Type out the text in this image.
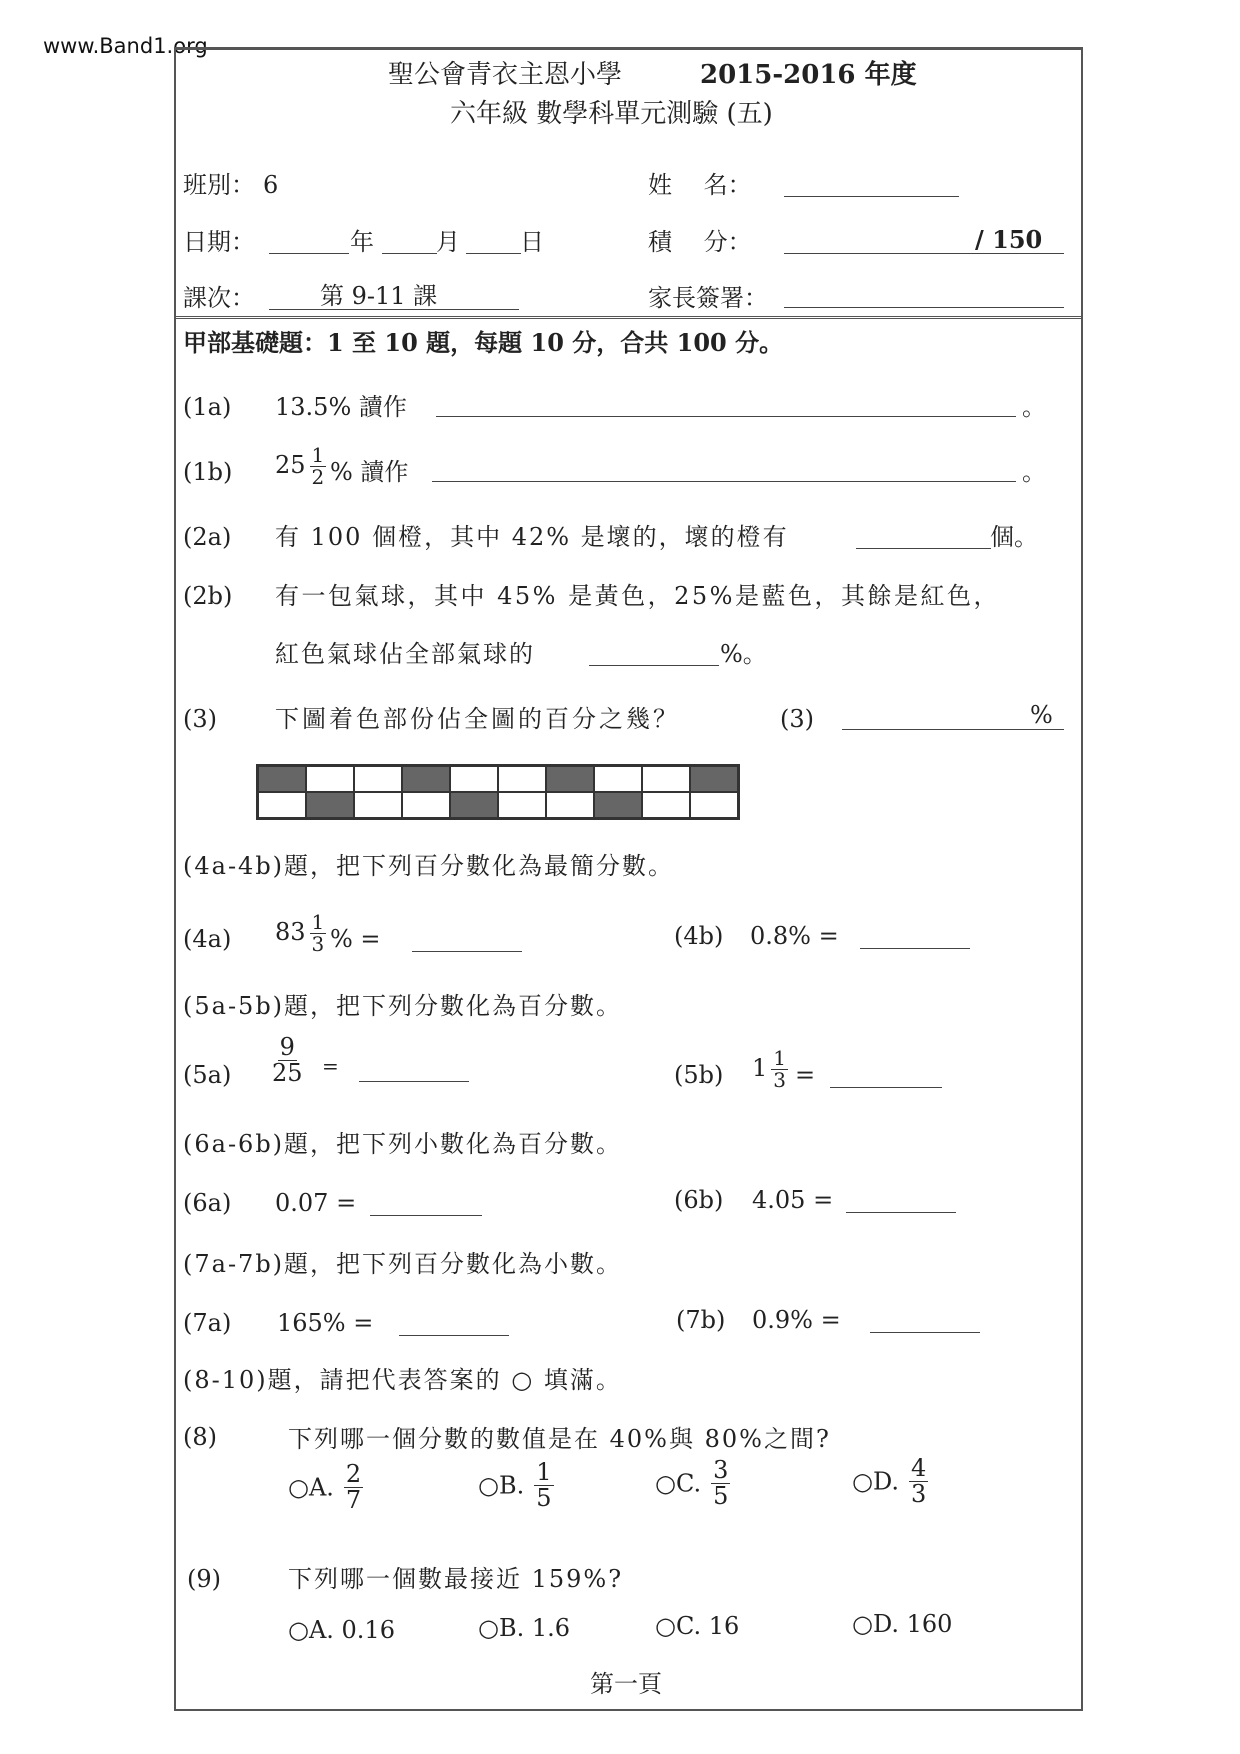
www.Band1.org
聖公會青衣主恩小學	2015-2016 年度
六年級 數學科單元測驗 (五)
班別： 6	姓　 名：
日期：	年	月	日	積　 分：	/ 150
課次：	第 9-11 課	家長簽署：
甲部基礎題：1 至 10 題，每題 10 分，合共 100 分。
(1a) 13.5% 讀作	。
(1b) $25 \frac{1}{2}$ % 讀作	。
(2a) 有 100 個橙，其中 42% 是壞的，壞的橙有	個。
(2b) 有一包氣球，其中 45% 是黃色，25%是藍色，其餘是紅色，
紅色氣球佔全部氣球的	%。
(3) 下圖着色部份佔全圖的百分之幾？	(3)	%
(4a-4b)題，把下列百分數化為最簡分數。
(4a) $83 \frac{1}{3}$ % =	(4b) 0.8% =
(5a-5b)題，把下列分數化為百分數。
$(5a) \frac{9}{25}$ =	(5b) $1 \frac{1}{3}$ =
(6a-6b)題，把下列小數化為百分數。
(6a) 0.07 =	(6b) 4.05 =
(7a-7b)題，把下列百分數化為小數。
(7a) 165% =	(7b) 0.9% =
(8-10)題，請把代表答案的 ○ 填滿。
(8)	下列哪一個分數的數值是在 40%與 80%之間?
○A. $\frac{2}{7}$	○B. $\frac{1}{5}$	○C. $\frac{3}{5}$	○D. $\frac{4}{3}$
(9)	下列哪一個數最接近 159%?
○A. 0.16	○B. 1.6	○C. 16	○D. 160
第一頁
